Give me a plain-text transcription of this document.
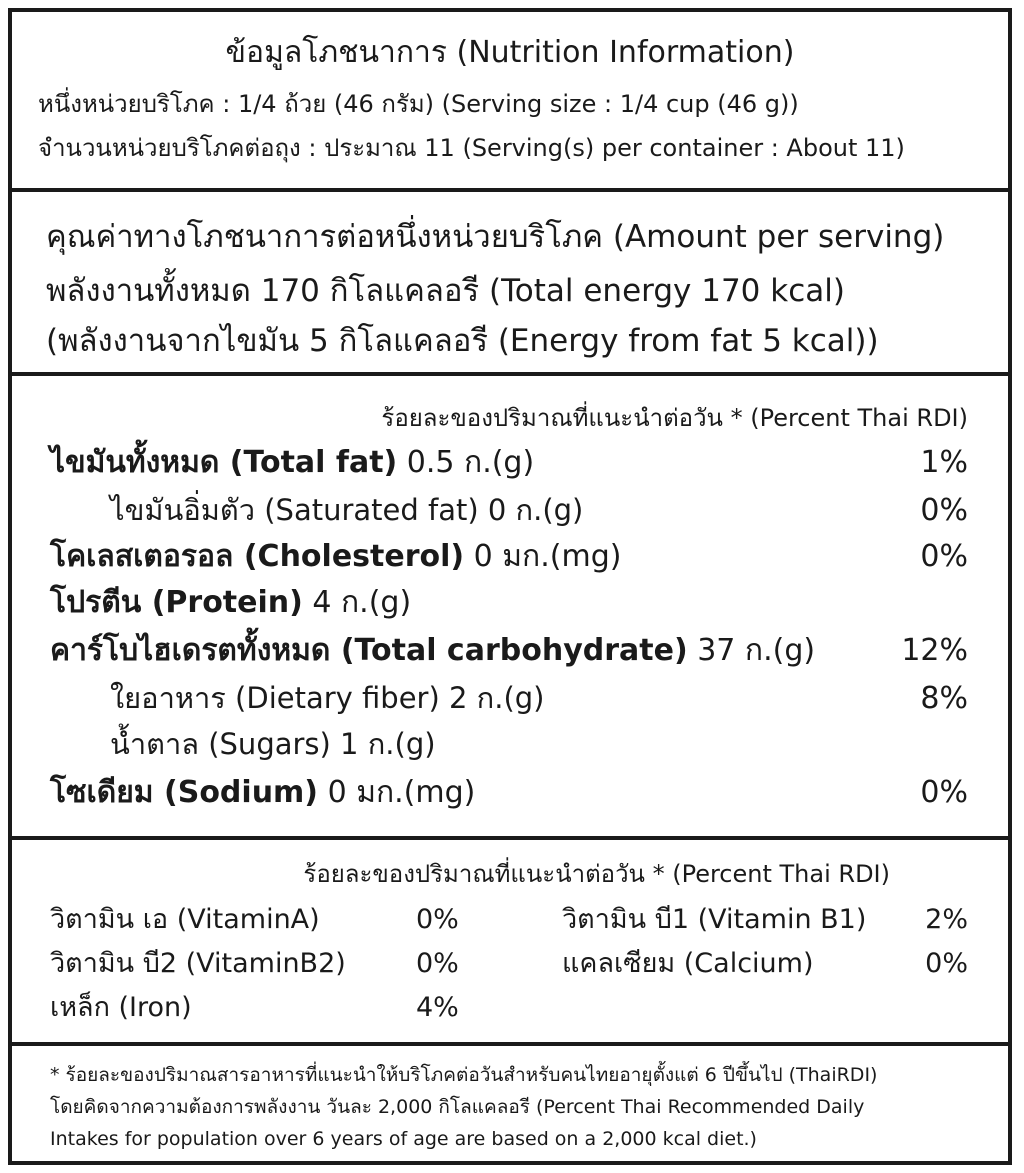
ข้อมูลโภชนาการ (Nutrition Information)
หนึ่งหน่วยบริโภค : 1/4 ถ้วย (46 กรัม) (Serving size : 1/4 cup (46 g))
จำนวนหน่วยบริโภคต่อถุง : ประมาณ 11 (Serving(s) per container : About 11)
คุณค่าทางโภชนาการต่อหนึ่งหน่วยบริโภค (Amount per serving)
พลังงานทั้งหมด 170 กิโลแคลอรี (Total energy 170 kcal)
(พลังงานจากไขมัน 5 กิโลแคลอรี (Energy from fat 5 kcal))
ร้อยละของปริมาณที่แนะนำต่อวัน * (Percent Thai RDI)
ไขมันทั้งหมด (Total fat) 0.5 ก.(g)	1%
ไขมันอิ่มตัว (Saturated fat) 0 ก.(g)	0%
โคเลสเตอรอล (Cholesterol) 0 มก.(mg)	0%
โปรตีน (Protein) 4 ก.(g)
คาร์โบไฮเดรตทั้งหมด (Total carbohydrate) 37 ก.(g)	12%
ใยอาหาร (Dietary fiber) 2 ก.(g)	8%
น้ำตาล (Sugars) 1 ก.(g)
โซเดียม (Sodium) 0 มก.(mg)	0%
ร้อยละของปริมาณที่แนะนำต่อวัน * (Percent Thai RDI)
วิตามิน เอ (VitaminA)	0%	วิตามิน บี1 (Vitamin B1) 2%
วิตามิน บี2 (VitaminB2)	0%	แคลเซียม (Calcium)	0%
เหล็ก (Iron)	4%
* ร้อยละของปริมาณสารอาหารที่แนะนำให้บริโภคต่อวันสำหรับคนไทยอายุตั้งแต่ 6 ปีขึ้นไป (ThaiRDI)
โดยคิดจากความต้องการพลังงาน วันละ 2,000 กิโลแคลอรี (Percent Thai Recommended Daily
Intakes for population over 6 years of age are based on a 2,000 kcal diet.)
